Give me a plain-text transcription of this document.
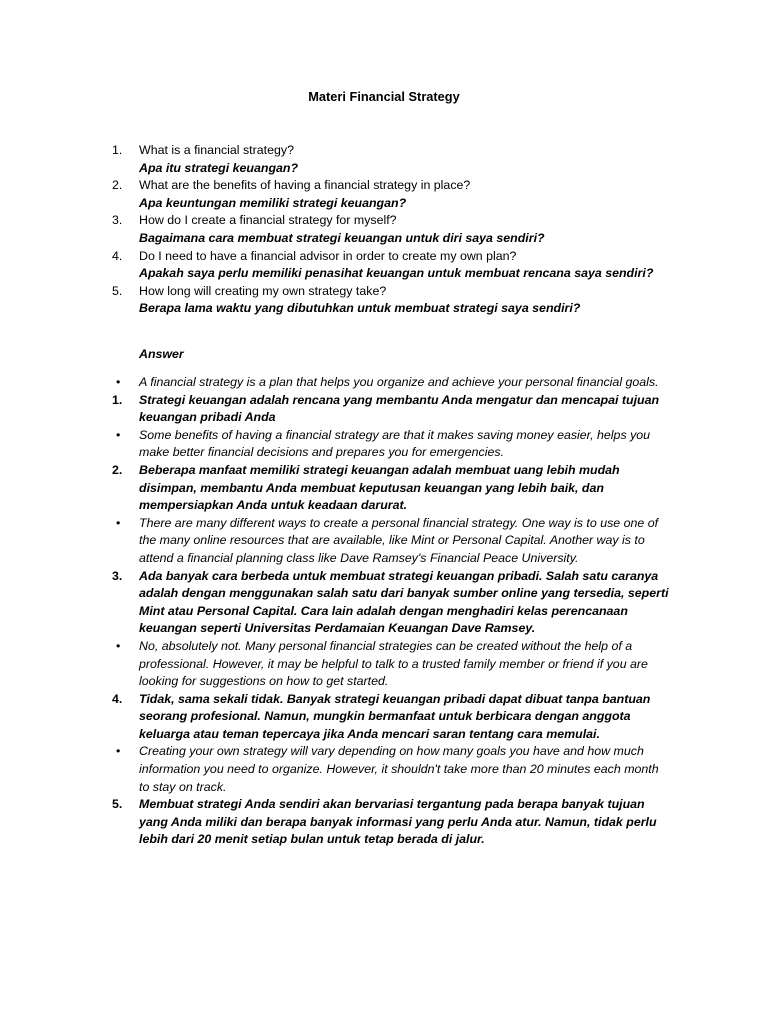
Materi Financial Strategy
1. What is a financial strategy?
Apa itu strategi keuangan?
2. What are the benefits of having a financial strategy in place?
Apa keuntungan memiliki strategi keuangan?
3. How do I create a financial strategy for myself?
Bagaimana cara membuat strategi keuangan untuk diri saya sendiri?
4. Do I need to have a financial advisor in order to create my own plan?
Apakah saya perlu memiliki penasihat keuangan untuk membuat rencana saya sendiri?
5. How long will creating my own strategy take?
Berapa lama waktu yang dibutuhkan untuk membuat strategi saya sendiri?
Answer
• A financial strategy is a plan that helps you organize and achieve your personal financial goals.
1. Strategi keuangan adalah rencana yang membantu Anda mengatur dan mencapai tujuan keuangan pribadi Anda
• Some benefits of having a financial strategy are that it makes saving money easier, helps you make better financial decisions and prepares you for emergencies.
2. Beberapa manfaat memiliki strategi keuangan adalah membuat uang lebih mudah disimpan, membantu Anda membuat keputusan keuangan yang lebih baik, dan mempersiapkan Anda untuk keadaan darurat.
• There are many different ways to create a personal financial strategy. One way is to use one of the many online resources that are available, like Mint or Personal Capital. Another way is to attend a financial planning class like Dave Ramsey's Financial Peace University.
3. Ada banyak cara berbeda untuk membuat strategi keuangan pribadi. Salah satu caranya adalah dengan menggunakan salah satu dari banyak sumber online yang tersedia, seperti Mint atau Personal Capital. Cara lain adalah dengan menghadiri kelas perencanaan keuangan seperti Universitas Perdamaian Keuangan Dave Ramsey.
• No, absolutely not. Many personal financial strategies can be created without the help of a professional. However, it may be helpful to talk to a trusted family member or friend if you are looking for suggestions on how to get started.
4. Tidak, sama sekali tidak. Banyak strategi keuangan pribadi dapat dibuat tanpa bantuan seorang profesional. Namun, mungkin bermanfaat untuk berbicara dengan anggota keluarga atau teman tepercaya jika Anda mencari saran tentang cara memulai.
• Creating your own strategy will vary depending on how many goals you have and how much information you need to organize. However, it shouldn't take more than 20 minutes each month to stay on track.
5. Membuat strategi Anda sendiri akan bervariasi tergantung pada berapa banyak tujuan yang Anda miliki dan berapa banyak informasi yang perlu Anda atur. Namun, tidak perlu lebih dari 20 menit setiap bulan untuk tetap berada di jalur.
